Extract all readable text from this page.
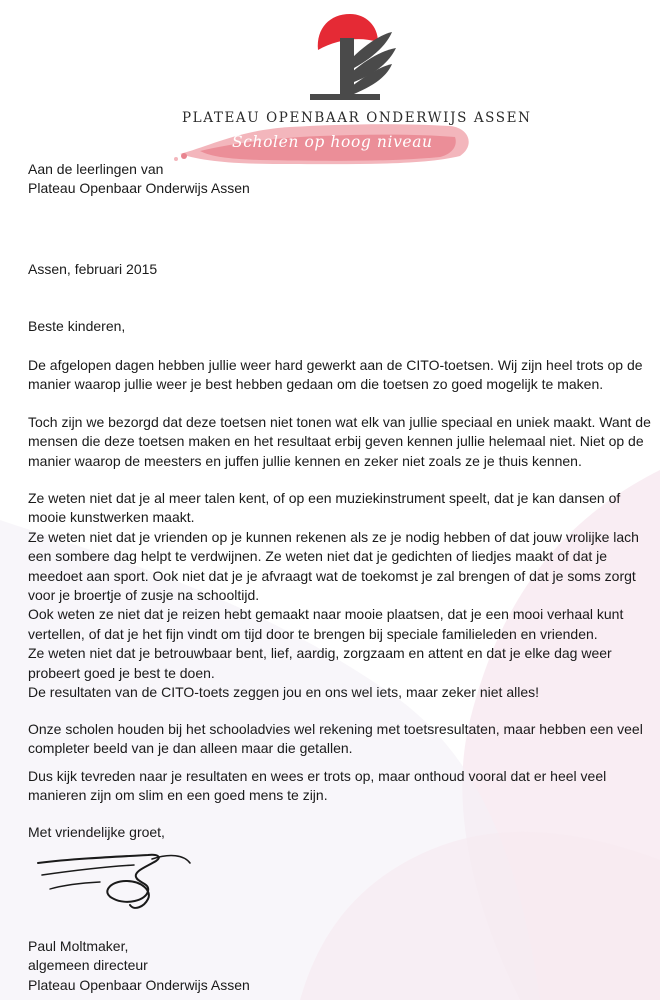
PLATEAU OPENBAAR ONDERWIJS ASSEN
Scholen op hoog niveau
Aan de leerlingen van
Plateau Openbaar Onderwijs Assen
Assen, februari 2015
Beste kinderen,
De afgelopen dagen hebben jullie weer hard gewerkt aan de CITO-toetsen. Wij zijn heel trots op de
manier waarop jullie weer je best hebben gedaan om die toetsen zo goed mogelijk te maken.
Toch zijn we bezorgd dat deze toetsen niet tonen wat elk van jullie speciaal en uniek maakt. Want de
mensen die deze toetsen maken en het resultaat erbij geven kennen jullie helemaal niet. Niet op de
manier waarop de meesters en juffen jullie kennen en zeker niet zoals ze je thuis kennen.
Ze weten niet dat je al meer talen kent, of op een muziekinstrument speelt, dat je kan dansen of
mooie kunstwerken maakt.
Ze weten niet dat je vrienden op je kunnen rekenen als ze je nodig hebben of dat jouw vrolijke lach
een sombere dag helpt te verdwijnen. Ze weten niet dat je gedichten of liedjes maakt of dat je
meedoet aan sport. Ook niet dat je je afvraagt wat de toekomst je zal brengen of dat je soms zorgt
voor je broertje of zusje na schooltijd.
Ook weten ze niet dat je reizen hebt gemaakt naar mooie plaatsen, dat je een mooi verhaal kunt
vertellen, of dat je het fijn vindt om tijd door te brengen bij speciale familieleden en vrienden.
Ze weten niet dat je betrouwbaar bent, lief, aardig, zorgzaam en attent en dat je elke dag weer
probeert goed je best te doen.
De resultaten van de CITO-toets zeggen jou en ons wel iets, maar zeker niet alles!
Onze scholen houden bij het schooladvies wel rekening met toetsresultaten, maar hebben een veel
completer beeld van je dan alleen maar die getallen.
Dus kijk tevreden naar je resultaten en wees er trots op, maar onthoud vooral dat er heel veel
manieren zijn om slim en een goed mens te zijn.
Met vriendelijke groet,
Paul Moltmaker,
algemeen directeur
Plateau Openbaar Onderwijs Assen
